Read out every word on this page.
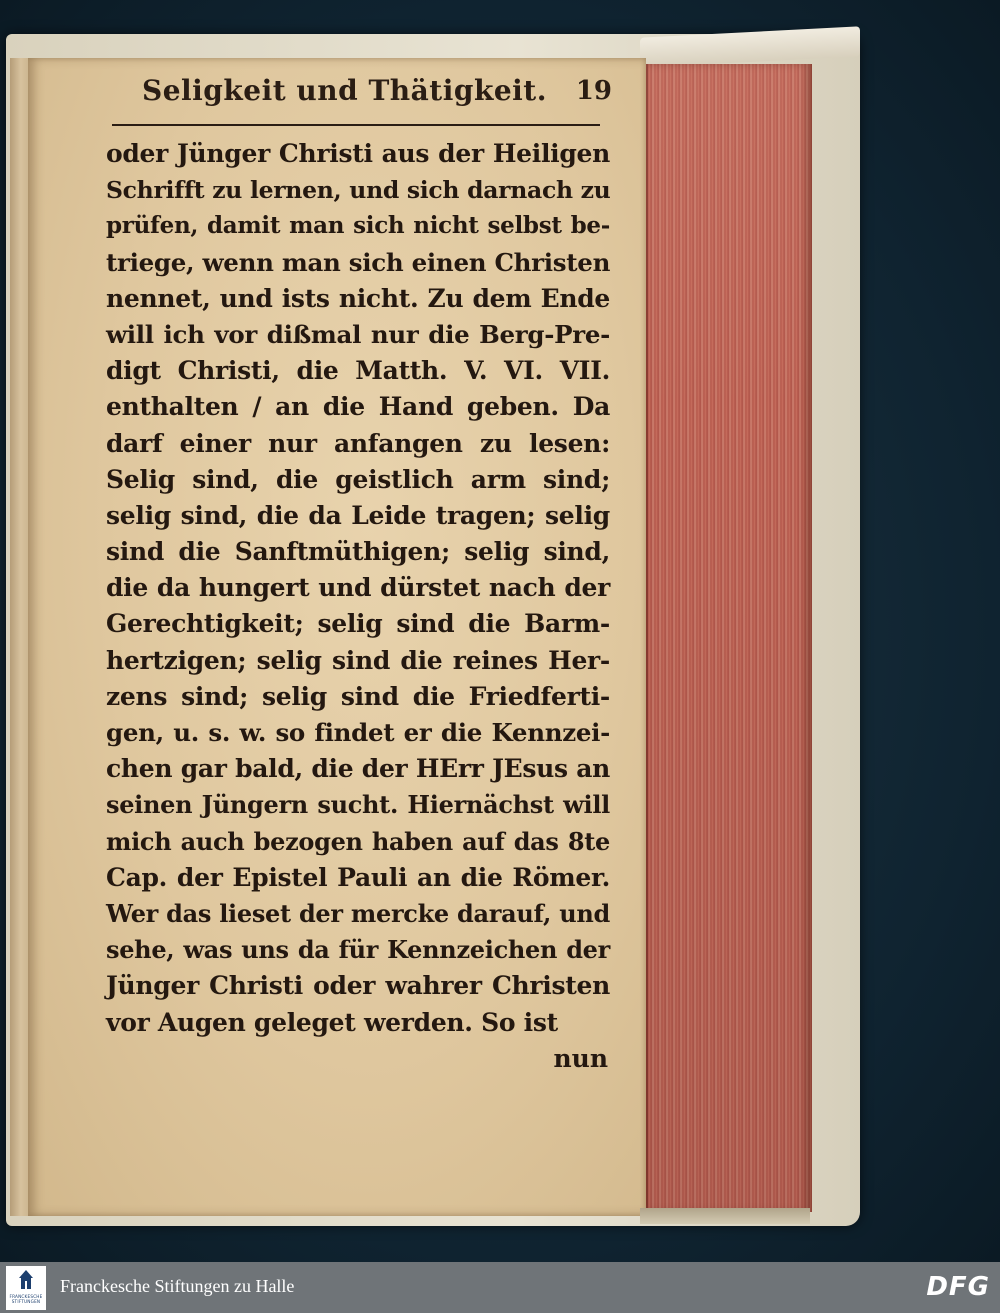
Seligkeit und Thätigkeit. 19
oder Jünger Christi aus der Heiligen
Schrifft zu lernen, und sich darnach zu
prüfen, damit man sich nicht selbst be-
triege, wenn man sich einen Christen
nennet, und ists nicht. Zu dem Ende
will ich vor dißmal nur die Berg-Pre-
digt Christi, die Matth. V. VI. VII.
enthalten / an die Hand geben. Da
darf einer nur anfangen zu lesen:
Selig sind, die geistlich arm sind;
selig sind, die da Leide tragen; selig
sind die Sanftmüthigen; selig sind,
die da hungert und dürstet nach der
Gerechtigkeit; selig sind die Barm-
hertzigen; selig sind die reines Her-
zens sind; selig sind die Friedferti-
gen, u. s. w. so findet er die Kennzei-
chen gar bald, die der HErr JEsus an
seinen Jüngern sucht. Hiernächst will
mich auch bezogen haben auf das 8te
Cap. der Epistel Pauli an die Römer.
Wer das lieset der mercke darauf, und
sehe, was uns da für Kennzeichen der
Jünger Christi oder wahrer Christen
vor Augen geleget werden. So ist
nun
FRANCKESCHE STIFTUNGEN
Franckesche Stiftungen zu Halle	DFG
